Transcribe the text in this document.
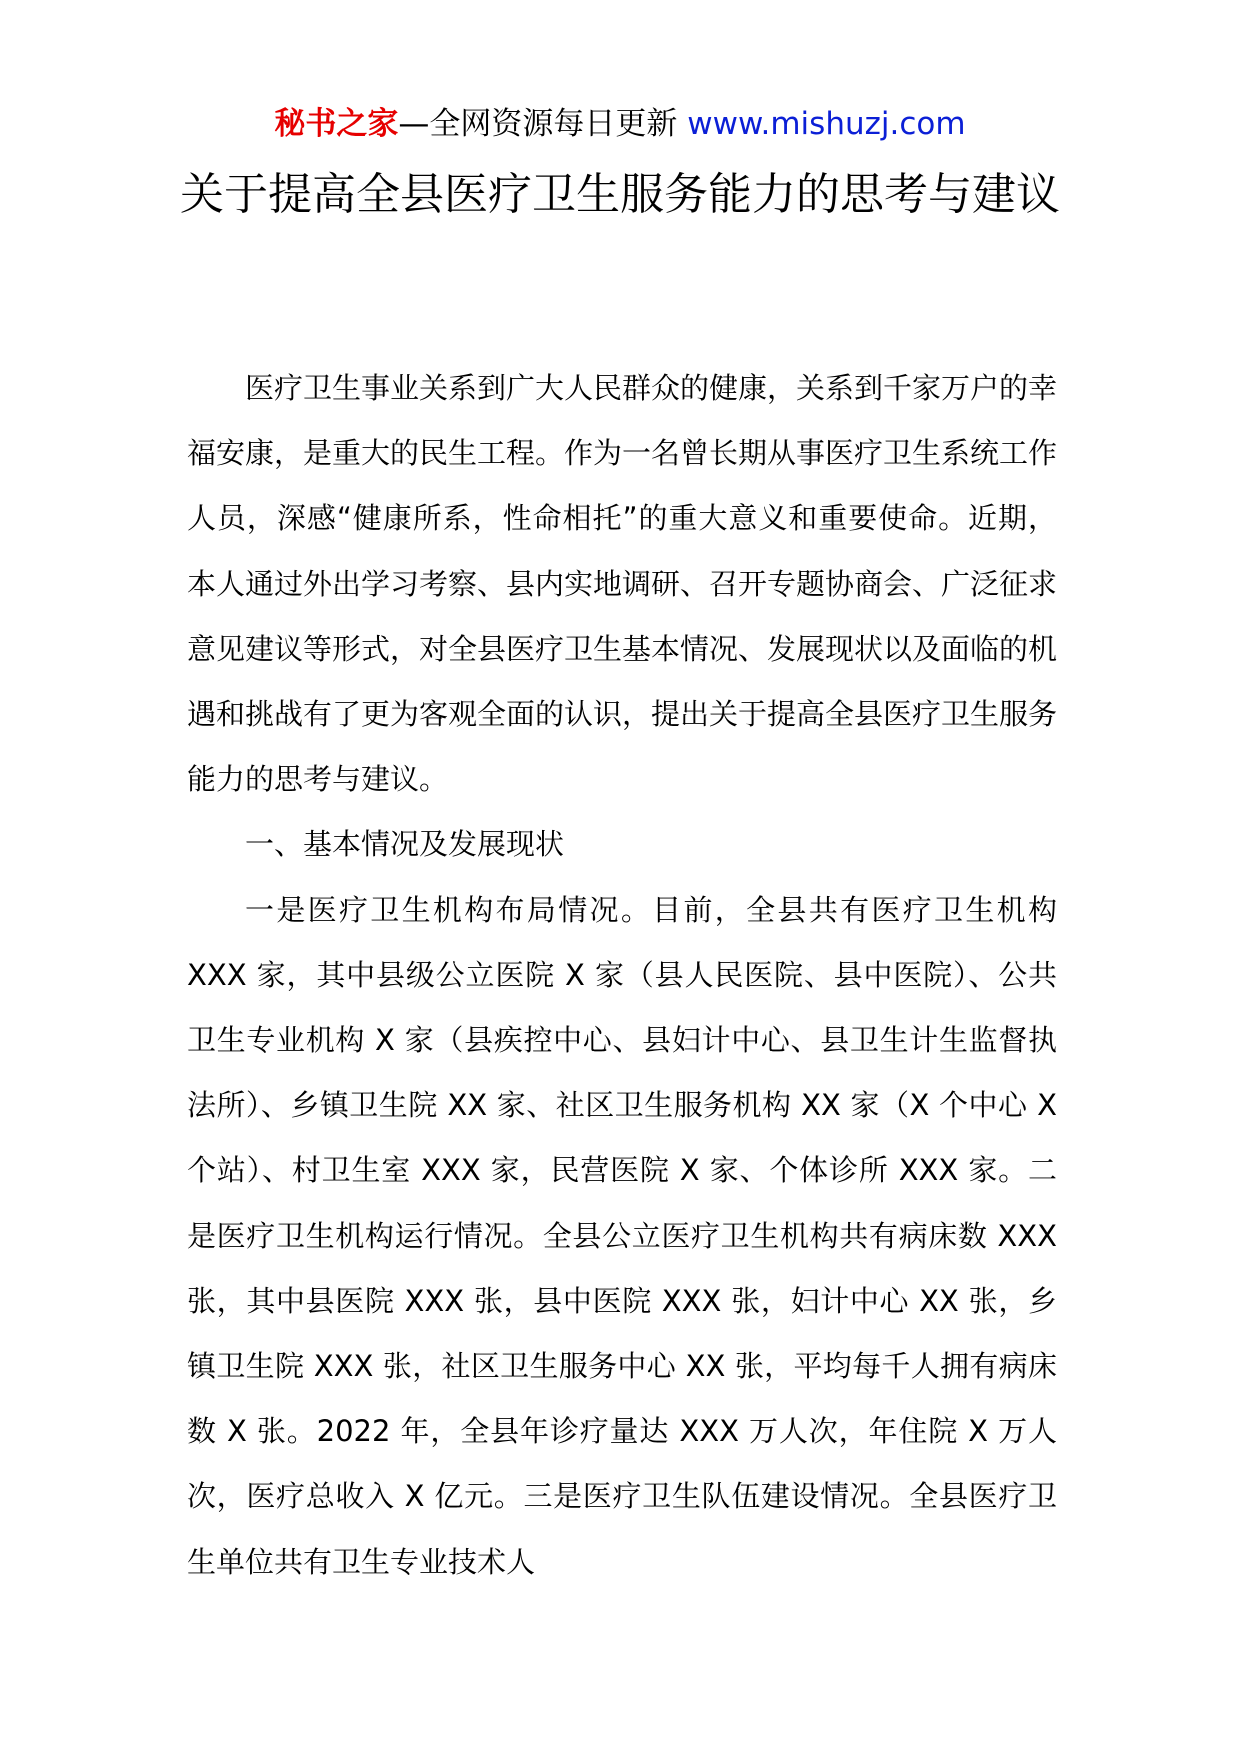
秘书之家—全网资源每日更新 www.mishuzj.com
关于提高全县医疗卫生服务能力的思考与建议

医疗卫生事业关系到广大人民群众的健康，关系到千家万户的幸福安康，是重大的民生工程。作为一名曾长期从事医疗卫生系统工作人员，深感“健康所系，性命相托”的重大意义和重要使命。近期，本人通过外出学习考察、县内实地调研、召开专题协商会、广泛征求意见建议等形式，对全县医疗卫生基本情况、发展现状以及面临的机遇和挑战有了更为客观全面的认识，提出关于提高全县医疗卫生服务能力的思考与建议。

一、基本情况及发展现状

一是医疗卫生机构布局情况。目前，全县共有医疗卫生机构 XXX 家，其中县级公立医院 X 家（县人民医院、县中医院）、公共卫生专业机构 X 家（县疾控中心、县妇计中心、县卫生计生监督执法所）、乡镇卫生院 XX 家、社区卫生服务机构 XX 家（X 个中心 X 个站）、村卫生室 XXX 家，民营医院 X 家、个体诊所 XXX 家。二是医疗卫生机构运行情况。全县公立医疗卫生机构共有病床数 XXX 张，其中县医院 XXX 张，县中医院 XXX 张，妇计中心 XX 张，乡镇卫生院 XXX 张，社区卫生服务中心 XX 张，平均每千人拥有病床数 X 张。2022 年，全县年诊疗量达 XXX 万人次，年住院 X 万人次，医疗总收入 X 亿元。三是医疗卫生队伍建设情况。全县医疗卫生单位共有卫生专业技术人
